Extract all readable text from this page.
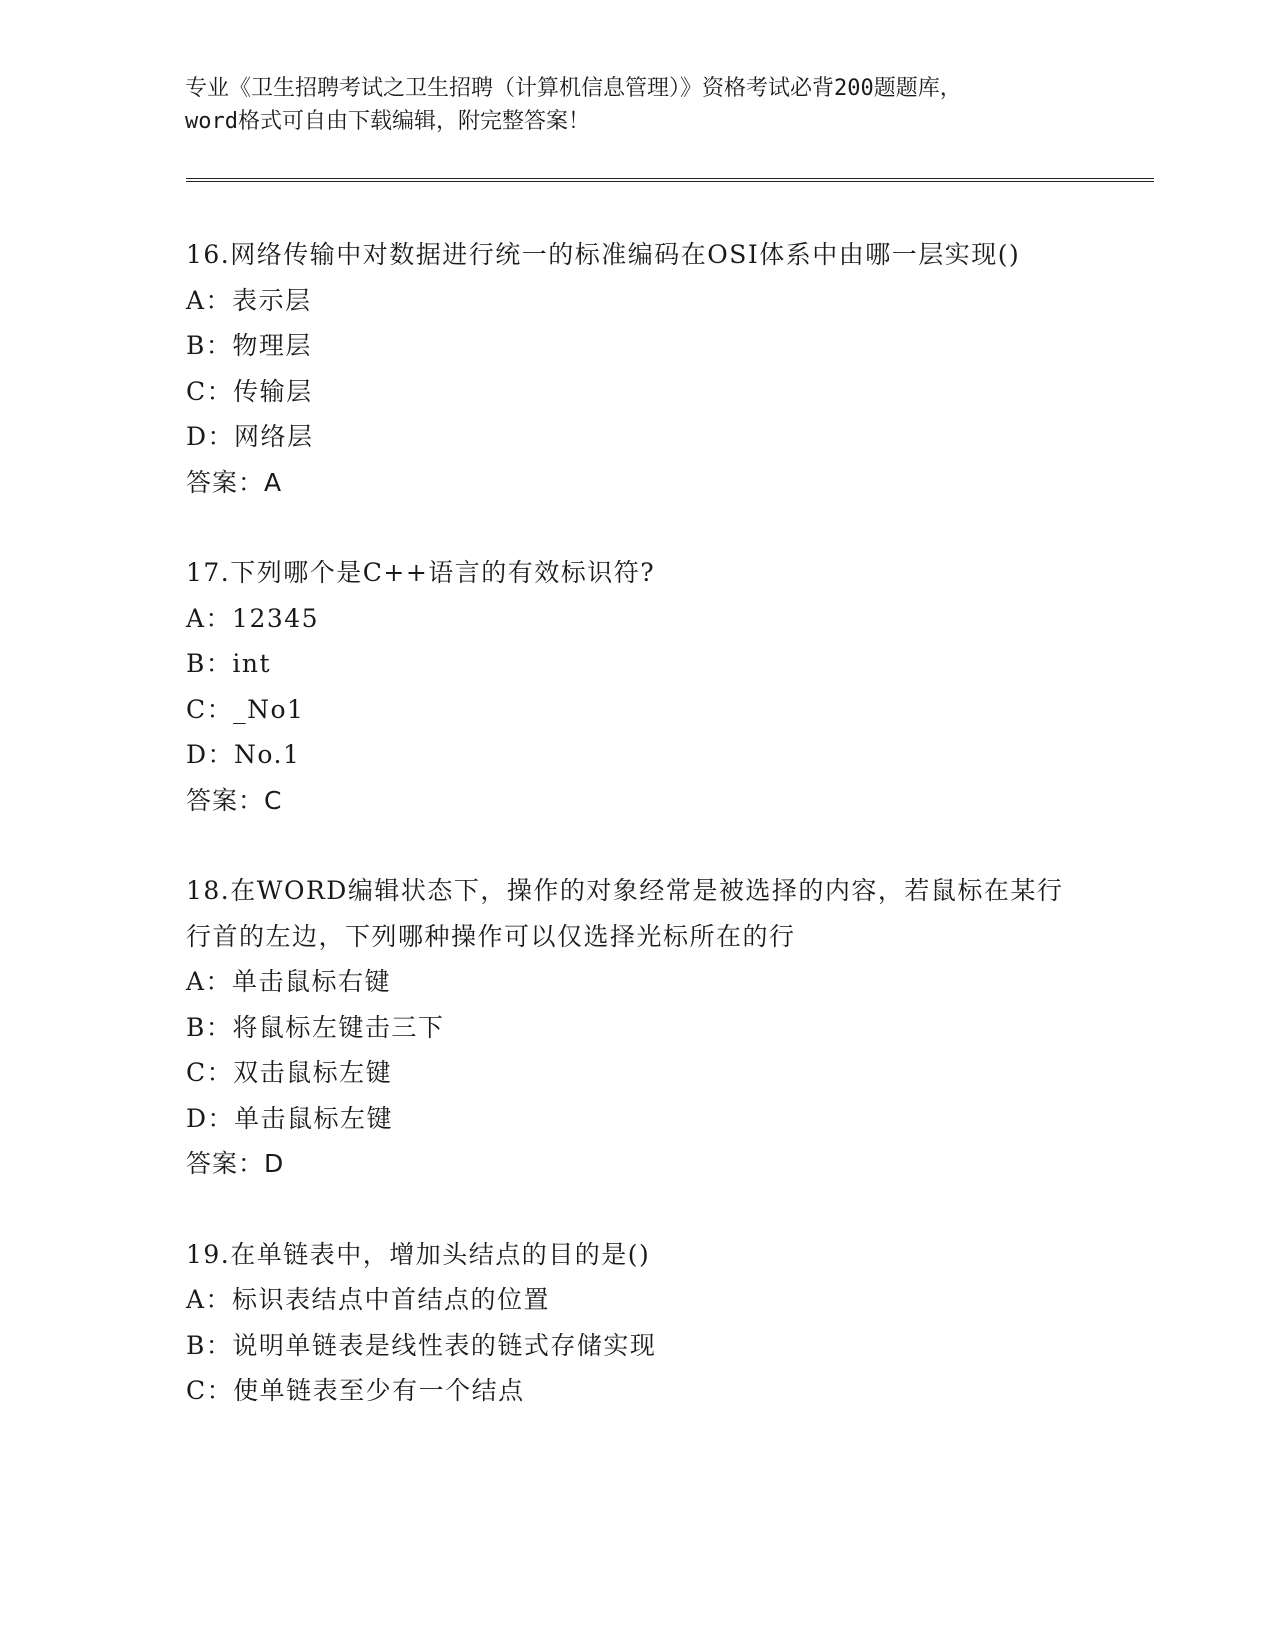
专业《卫生招聘考试之卫生招聘（计算机信息管理）》资格考试必背200题题库，
word格式可自由下载编辑，附完整答案！
16.网络传输中对数据进行统一的标准编码在OSI体系中由哪一层实现()
A：表示层
B：物理层
C：传输层
D：网络层
答案：A
17.下列哪个是C++语言的有效标识符?
A：12345
B：int
C：_No1
D：No.1
答案：C
18.在WORD编辑状态下，操作的对象经常是被选择的内容，若鼠标在某行行首的左边，下列哪种操作可以仅选择光标所在的行
A：单击鼠标右键
B：将鼠标左键击三下
C：双击鼠标左键
D：单击鼠标左键
答案：D
19.在单链表中，增加头结点的目的是()
A：标识表结点中首结点的位置
B：说明单链表是线性表的链式存储实现
C：使单链表至少有一个结点
